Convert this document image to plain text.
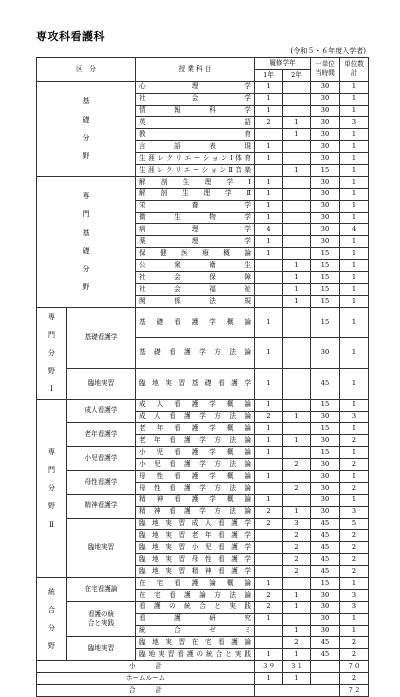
専攻科看護科
(令和５・６年度入学者)
区　分		授 業 科 目	履修学年		一単位
当時間	単位数
計
			1年	2年		
基礎分野		心　　理　　学	1		30	1
		社　　会　　学	1		30	1
		情　報　科　学	1		30	1
		英　　　　　語	2	1	30	3
		教　　　　　育		1	30	1
		言　語　表　現	1		30	1
		生涯レクリエーションⅠ体育	1		30	1
		生涯レクリエーションⅡ音楽		1	15	1
専門基礎分野		解　剖　生　理　学　Ⅰ	1		30	1
		解　剖　生　理　学　Ⅱ	1		30	1
		栄　　　　養　　　　学	1		30	1
		微　　生　　物　　学	1		30	1
		病　　　　理　　　　学	4		30	4
		薬　　　　理　　　　学	1		30	1
		保　健　医　療　概　論	1		15	1
		公　　衆　　衛　　生		1	15	1
		社　　会　　保　　障		1	15	1
		社　　会　　福　　祉		1	15	1
		関　　係　　法　　規		1	15	1
専門分野Ⅰ	基礎看護学	基　礎　看　護　学　概　論	1		15	1
		基 礎 看 護 学 方 法 論	1		30	1
	臨地実習	臨　地　実　習　基　礎　看　護　学	1		45	1
専門分野Ⅱ	成人看護学	成　人　看　護　学　概　論	1		15	1
		成 人 看 護 学 方 法 論	2	1	30	3
	老年看護学	老　年　看　護　学　概　論	1		15	1
		老 年 看 護 学 方 法 論	1	1	30	2
	小児看護学	小　児　看　護　学　概　論	1		15	1
		小 児 看 護 学 方 法 論		2	30	2
	母性看護学	母　性　看　護　学　概　論	1		30	1
		母 性 看 護 学 方 法 論		2	30	2
	精神看護学	精　神　看　護　学　概　論	1		30	1
		精 神 看 護 学 方 法 論	2	1	30	3
	臨地実習	臨 地 実 習 成 人 看 護 学	2	3	45	5
		臨 地 実 習 老 年 看 護 学		2	45	2
		臨 地 実 習 小 児 看 護 学		2	45	2
		臨 地 実 習 母 性 看 護 学		2	45	2
		臨 地 実 習 精 神 看 護 学		2	45	2
統合分野	在宅看護論	在　宅　看　護　論　概　論	1		15	1
		在 宅 看 護 論 方 法 論	2	1	30	3
	看護の統
合と実践	看　護　の　統　合　と　実　践	2	1	30	3
		看　　護　　研　　究	1		30	1
		統　　合　　ゼ　　ミ		1	30	1
	臨地実習	臨 地 実 習 在 宅 看 護 論		2	45	2
		臨地実習看護の統合と実践	1	1	45	2
小　　　計			３９	３１		７０
ホームルーム			1	1		2
合　　　計						７２
